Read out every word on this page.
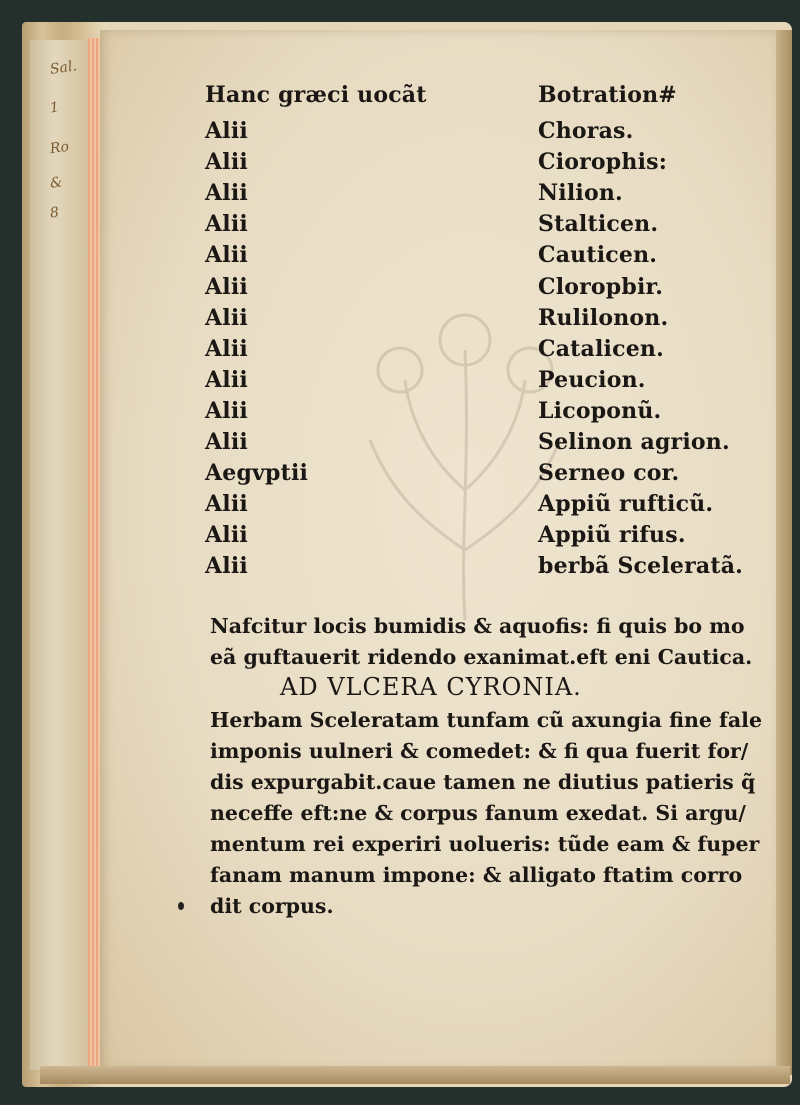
Sal.
1
Ro
&
8
Hanc græci uocãt	Botration#
Alii	Choras.
Alii	Ciorophis:
Alii	Nilion.
Alii	Stalticen.
Alii	Cauticen.
Alii	Cloropbir.
Alii	Rulilonon.
Alii	Catalicen.
Alii	Peucion.
Alii	Licoponũ.
Alii	Selinon agrion.
Aegvptii	Serneo cor.
Alii	Appiũ rufticũ.
Alii	Appiũ rifus.
Alii	berbã Sceleratã.
Nafcitur locis bumidis & aquofis: fi quis bo mo
eã guftauerit ridendo exanimat.eft eni Cautica.
AD VLCERA CYRONIA.
Herbam Sceleratam tunfam cũ axungia fine fale
imponis uulneri & comedet: & fi qua fuerit for/
dis expurgabit.caue tamen ne diutius patieris q̃
neceffe eft:ne & corpus fanum exedat. Si argu/
mentum rei experiri uolueris: tũde eam & fuper
fanam manum impone: & alligato ftatim corro
dit corpus.
